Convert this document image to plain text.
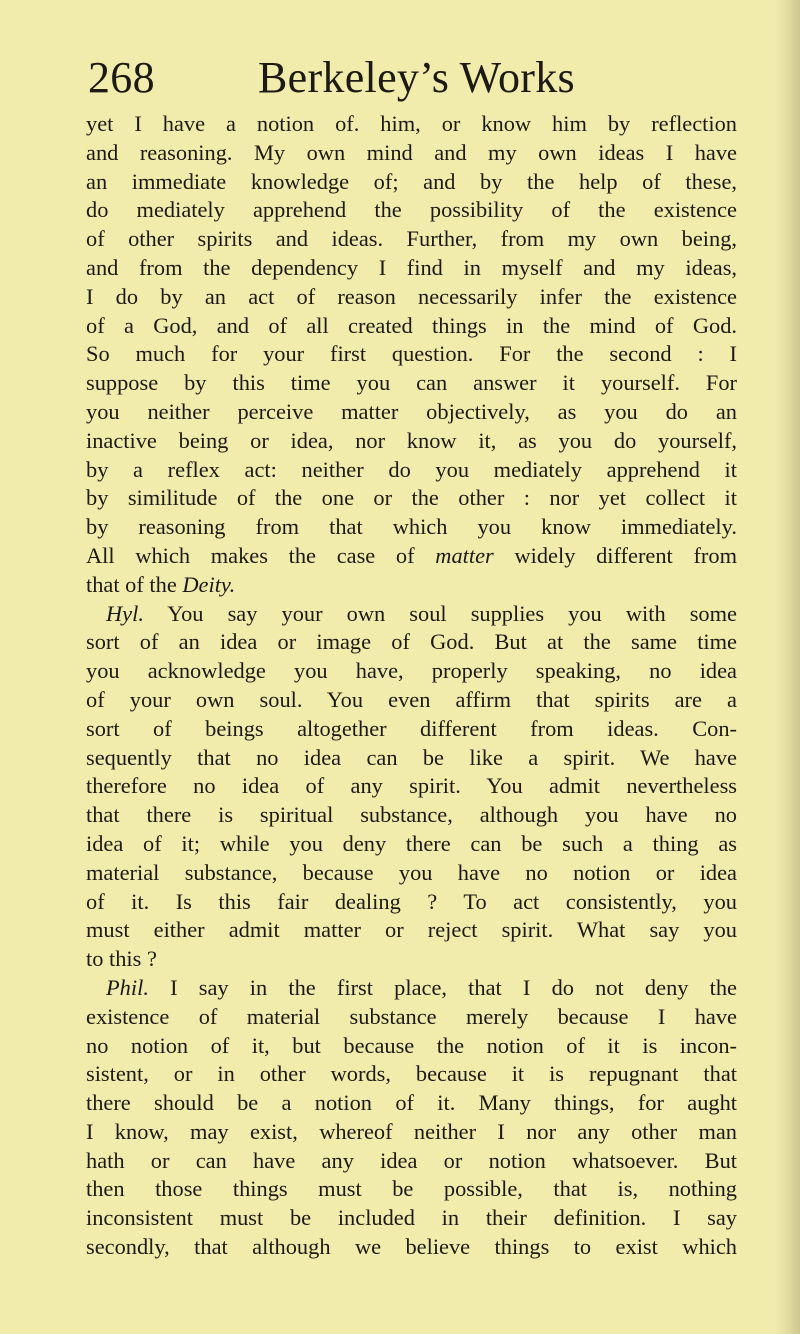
268 Berkeley’s Works
yet I have a notion of. him, or know him by reflection
and reasoning. My own mind and my own ideas I have
an immediate knowledge of; and by the help of these,
do mediately apprehend the possibility of the existence
of other spirits and ideas. Further, from my own being,
and from the dependency I find in myself and my ideas,
I do by an act of reason necessarily infer the existence
of a God, and of all created things in the mind of God.
So much for your first question. For the second : I
suppose by this time you can answer it yourself. For
you neither perceive matter objectively, as you do an
inactive being or idea, nor know it, as you do yourself,
by a reflex act: neither do you mediately apprehend it
by similitude of the one or the other : nor yet collect it
by reasoning from that which you know immediately.
All which makes the case of matter widely different from
that of the Deity.
Hyl. You say your own soul supplies you with some
sort of an idea or image of God. But at the same time
you acknowledge you have, properly speaking, no idea
of your own soul. You even affirm that spirits are a
sort of beings altogether different from ideas. Con-
sequently that no idea can be like a spirit. We have
therefore no idea of any spirit. You admit nevertheless
that there is spiritual substance, although you have no
idea of it; while you deny there can be such a thing as
material substance, because you have no notion or idea
of it. Is this fair dealing ? To act consistently, you
must either admit matter or reject spirit. What say you
to this ?
Phil. I say in the first place, that I do not deny the
existence of material substance merely because I have
no notion of it, but because the notion of it is incon-
sistent, or in other words, because it is repugnant that
there should be a notion of it. Many things, for aught
I know, may exist, whereof neither I nor any other man
hath or can have any idea or notion whatsoever. But
then those things must be possible, that is, nothing
inconsistent must be included in their definition. I say
secondly, that although we believe things to exist which
